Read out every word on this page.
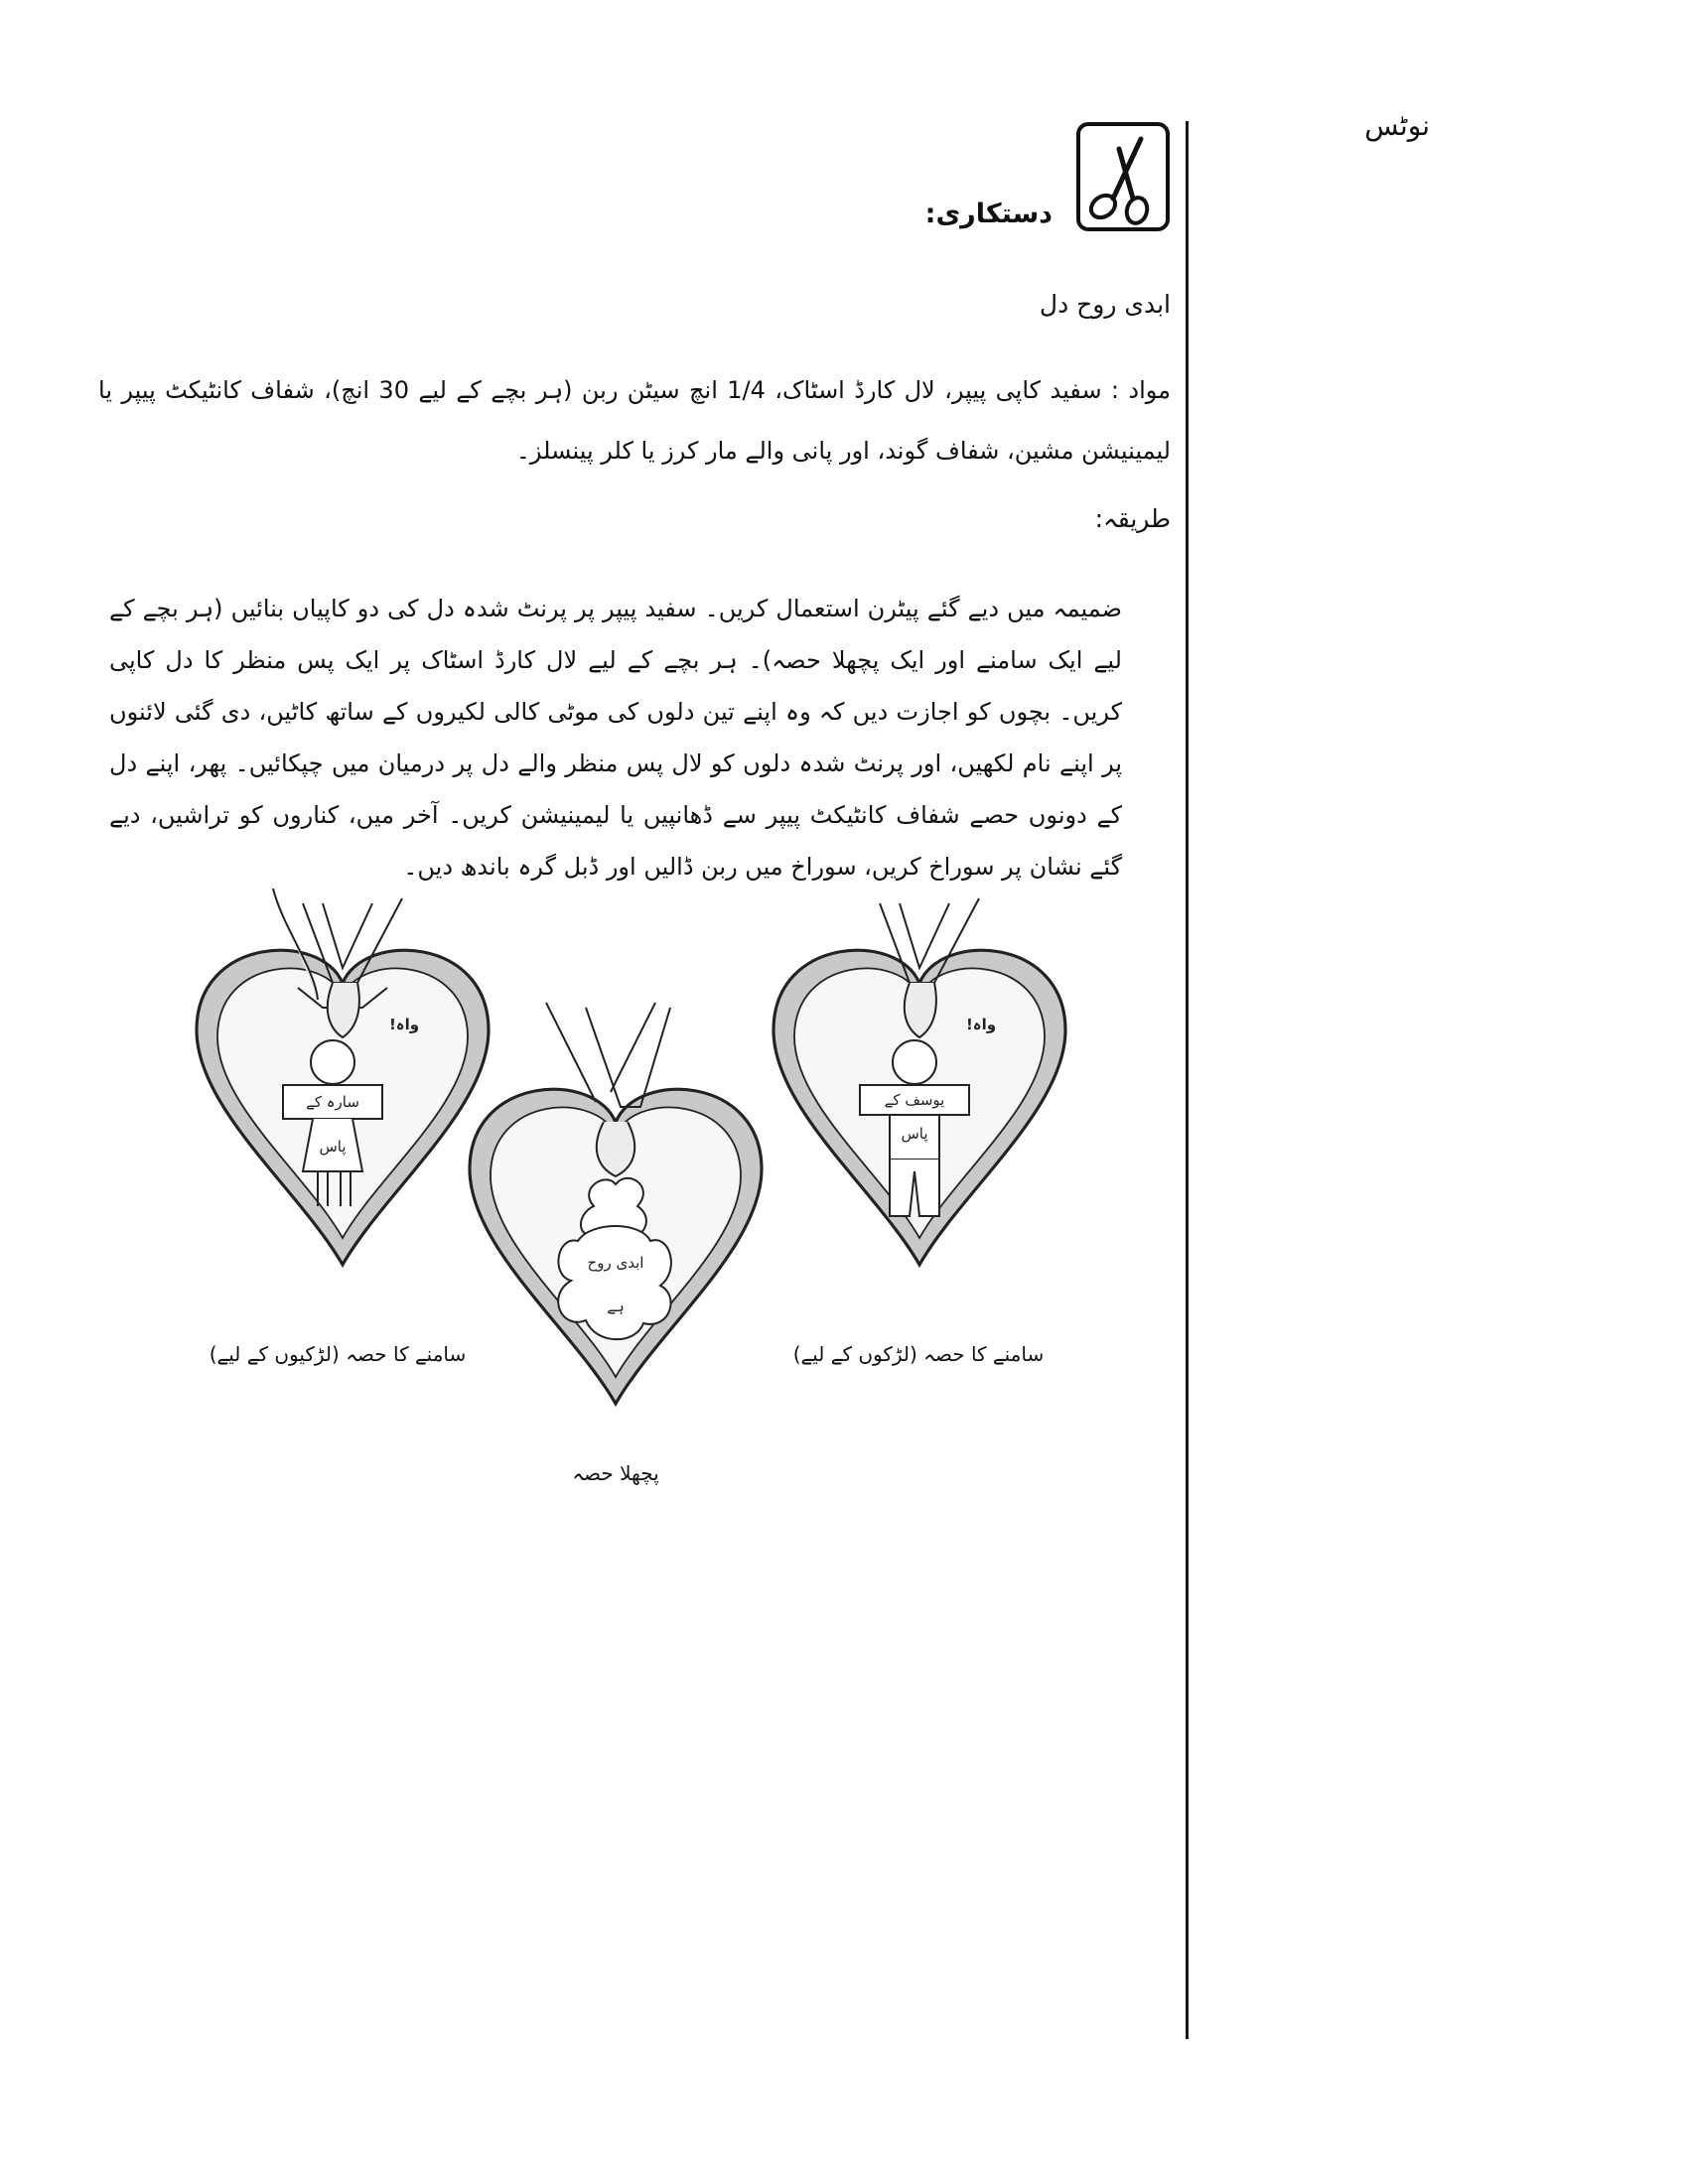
نوٹس
دستکاری:
ابدی روح دل
مواد : سفید کاپی پیپر، لال کارڈ اسٹاک، 1/4 انچ سیٹن ربن (ہر بچے کے لیے 30 انچ)، شفاف کانٹیکٹ پیپر یا لیمینیشن مشین، شفاف گوند، اور پانی والے مار کرز یا کلر پینسلز۔
طریقہ:
ضمیمہ میں دیے گئے پیٹرن استعمال کریں۔ سفید پیپر پر پرنٹ شدہ دل کی دو کاپیاں بنائیں (ہر بچے کے لیے ایک سامنے اور ایک پچھلا حصہ)۔ ہر بچے کے لیے لال کارڈ اسٹاک پر ایک پس منظر کا دل کاپی کریں۔ بچوں کو اجازت دیں کہ وہ اپنے تین دلوں کی موٹی کالی لکیروں کے ساتھ کاٹیں، دی گئی لائنوں پر اپنے نام لکھیں، اور پرنٹ شدہ دلوں کو لال پس منظر والے دل پر درمیان میں چپکائیں۔ پھر، اپنے دل کے دونوں حصے شفاف کانٹیکٹ پیپر سے ڈھانپیں یا لیمینیشن کریں۔ آخر میں، کناروں کو تراشیں، دیے گئے نشان پر سوراخ کریں، سوراخ میں ربن ڈالیں اور ڈبل گرہ باندھ دیں۔
واہ!
سارہ کے
پاس
سامنے کا حصہ (لڑکیوں کے لیے)
ابدی روح
ہے
پچھلا حصہ
واہ!
یوسف کے
پاس
سامنے کا حصہ (لڑکوں کے لیے)
